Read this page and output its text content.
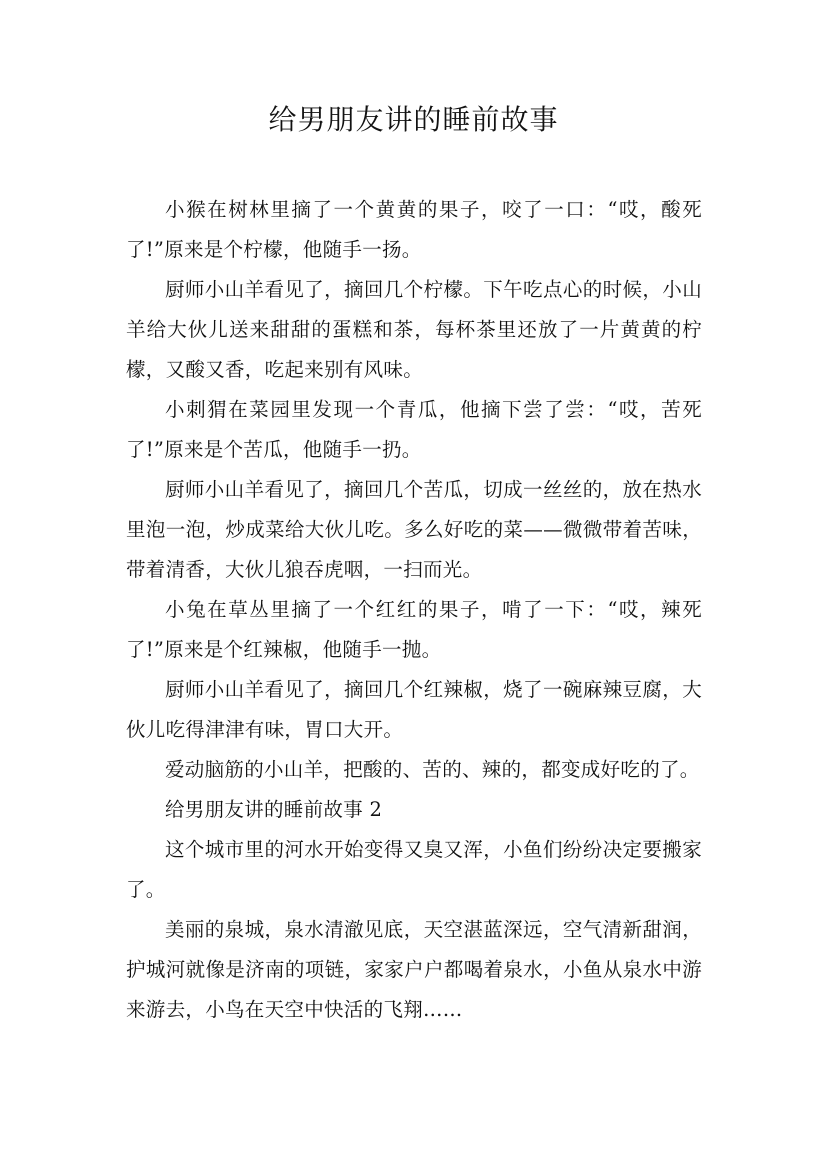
给男朋友讲的睡前故事

小猴在树林里摘了一个黄黄的果子，咬了一口：“哎，酸死了!”原来是个柠檬，他随手一扬。

厨师小山羊看见了，摘回几个柠檬。下午吃点心的时候，小山羊给大伙儿送来甜甜的蛋糕和茶，每杯茶里还放了一片黄黄的柠檬，又酸又香，吃起来别有风味。

小刺猬在菜园里发现一个青瓜，他摘下尝了尝：“哎，苦死了!”原来是个苦瓜，他随手一扔。

厨师小山羊看见了，摘回几个苦瓜，切成一丝丝的，放在热水里泡一泡，炒成菜给大伙儿吃。多么好吃的菜——微微带着苦味，带着清香，大伙儿狼吞虎咽，一扫而光。

小兔在草丛里摘了一个红红的果子，啃了一下：“哎，辣死了!”原来是个红辣椒，他随手一抛。

厨师小山羊看见了，摘回几个红辣椒，烧了一碗麻辣豆腐，大伙儿吃得津津有味，胃口大开。

爱动脑筋的小山羊，把酸的、苦的、辣的，都变成好吃的了。

给男朋友讲的睡前故事 2

这个城市里的河水开始变得又臭又浑，小鱼们纷纷决定要搬家了。

美丽的泉城，泉水清澈见底，天空湛蓝深远，空气清新甜润，护城河就像是济南的项链，家家户户都喝着泉水，小鱼从泉水中游来游去，小鸟在天空中快活的飞翔……
